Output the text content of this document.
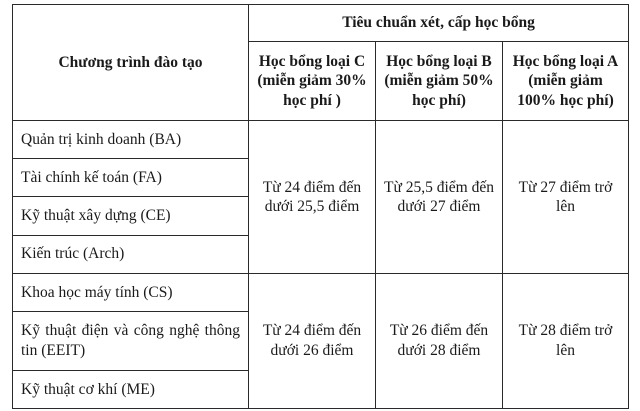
Chương trình đào tạo	Tiêu chuẩn xét, cấp học bổng		
	Học bổng loại C (miễn giảm 30% học phí )	Học bổng loại B (miễn giảm 50% học phí)	Học bổng loại A (miễn giảm 100% học phí)
Quản trị kinh doanh (BA)	Từ 24 điểm đến dưới 25,5 điểm	Từ 25,5 điểm đến dưới 27 điểm	Từ 27 điểm trở lên
Tài chính kế toán (FA)			
Kỹ thuật xây dựng (CE)			
Kiến trúc (Arch)			
Khoa học máy tính (CS)	Từ 24 điểm đến dưới 26 điểm	Từ 26 điểm đến dưới 28 điểm	Từ 28 điểm trở lên

Kỹ thuật điện và công nghệ thông tin (EEIT)			

Kỹ thuật cơ khí (ME)			
